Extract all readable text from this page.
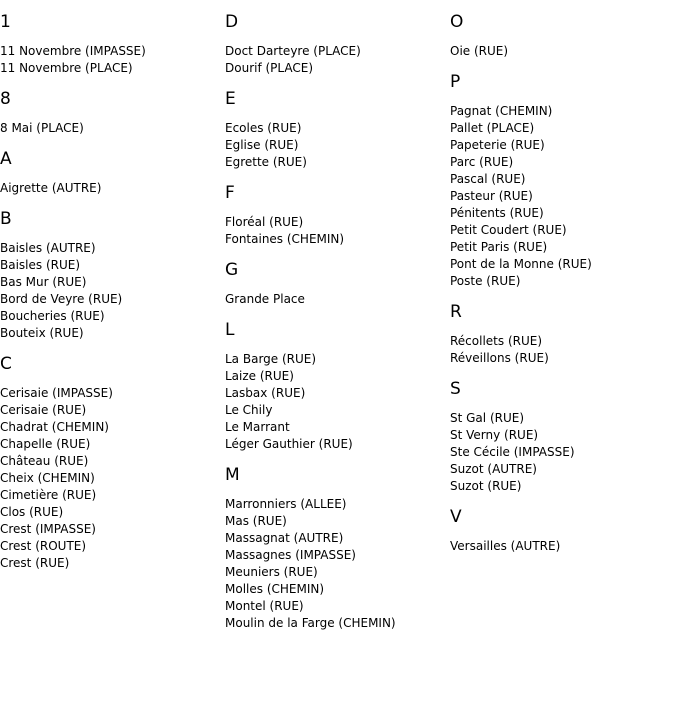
1
11 Novembre (IMPASSE)
11 Novembre (PLACE)
8
8 Mai (PLACE)
A
Aigrette (AUTRE)
B
Baisles (AUTRE)
Baisles (RUE)
Bas Mur (RUE)
Bord de Veyre (RUE)
Boucheries (RUE)
Bouteix (RUE)
C
Cerisaie (IMPASSE)
Cerisaie (RUE)
Chadrat (CHEMIN)
Chapelle (RUE)
Château (RUE)
Cheix (CHEMIN)
Cimetière (RUE)
Clos (RUE)
Crest (IMPASSE)
Crest (ROUTE)
Crest (RUE)
D
Doct Darteyre (PLACE)
Dourif (PLACE)
E
Ecoles (RUE)
Eglise (RUE)
Egrette (RUE)
F
Floréal (RUE)
Fontaines (CHEMIN)
G
Grande Place
L
La Barge (RUE)
Laize (RUE)
Lasbax (RUE)
Le Chily
Le Marrant
Léger Gauthier (RUE)
M
Marronniers (ALLEE)
Mas (RUE)
Massagnat (AUTRE)
Massagnes (IMPASSE)
Meuniers (RUE)
Molles (CHEMIN)
Montel (RUE)
Moulin de la Farge (CHEMIN)
O
Oie (RUE)
P
Pagnat (CHEMIN)
Pallet (PLACE)
Papeterie (RUE)
Parc (RUE)
Pascal (RUE)
Pasteur (RUE)
Pénitents (RUE)
Petit Coudert (RUE)
Petit Paris (RUE)
Pont de la Monne (RUE)
Poste (RUE)
R
Récollets (RUE)
Réveillons (RUE)
S
St Gal (RUE)
St Verny (RUE)
Ste Cécile (IMPASSE)
Suzot (AUTRE)
Suzot (RUE)
V
Versailles (AUTRE)
